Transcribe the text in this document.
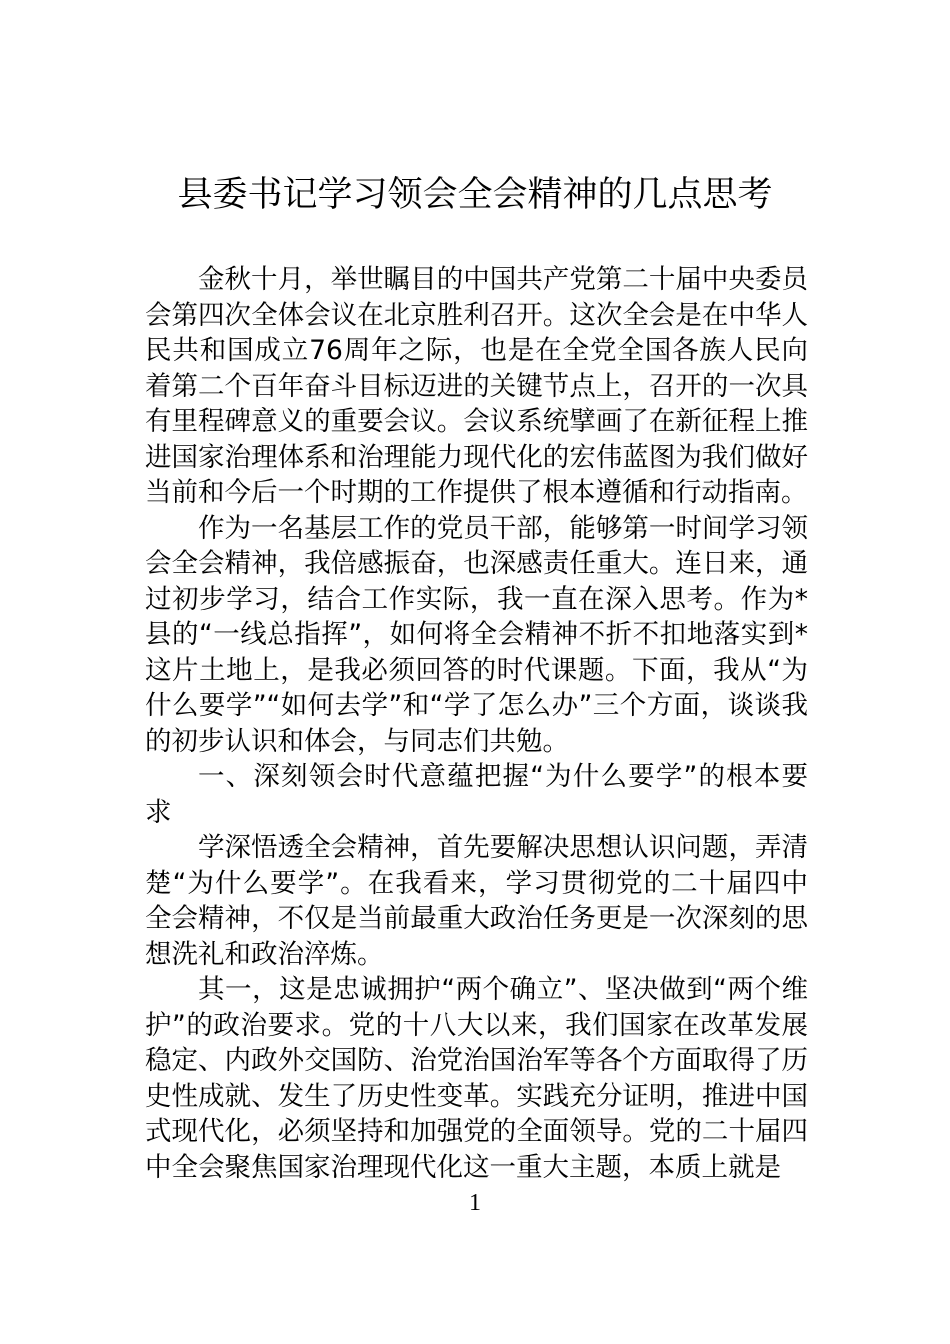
县委书记学习领会全会精神的几点思考

金秋十月，举世瞩目的中国共产党第二十届中央委员会第四次全体会议在北京胜利召开。这次全会是在中华人民共和国成立76周年之际，也是在全党全国各族人民向着第二个百年奋斗目标迈进的关键节点上，召开的一次具有里程碑意义的重要会议。会议系统擘画了在新征程上推进国家治理体系和治理能力现代化的宏伟蓝图为我们做好当前和今后一个时期的工作提供了根本遵循和行动指南。

作为一名基层工作的党员干部，能够第一时间学习领会全会精神，我倍感振奋，也深感责任重大。连日来，通过初步学习，结合工作实际，我一直在深入思考。作为*县的“一线总指挥”，如何将全会精神不折不扣地落实到*这片土地上，是我必须回答的时代课题。下面，我从“为什么要学”“如何去学”和“学了怎么办”三个方面，谈谈我的初步认识和体会，与同志们共勉。

一、深刻领会时代意蕴把握“为什么要学”的根本要求

学深悟透全会精神，首先要解决思想认识问题，弄清楚“为什么要学”。在我看来，学习贯彻党的二十届四中全会精神，不仅是当前最重大政治任务更是一次深刻的思想洗礼和政治淬炼。

其一，这是忠诚拥护“两个确立”、坚决做到“两个维护”的政治要求。党的十八大以来，我们国家在改革发展稳定、内政外交国防、治党治国治军等各个方面取得了历史性成就、发生了历史性变革。实践充分证明，推进中国式现代化，必须坚持和加强党的全面领导。党的二十届四中全会聚焦国家治理现代化这一重大主题，本质上就是

1
